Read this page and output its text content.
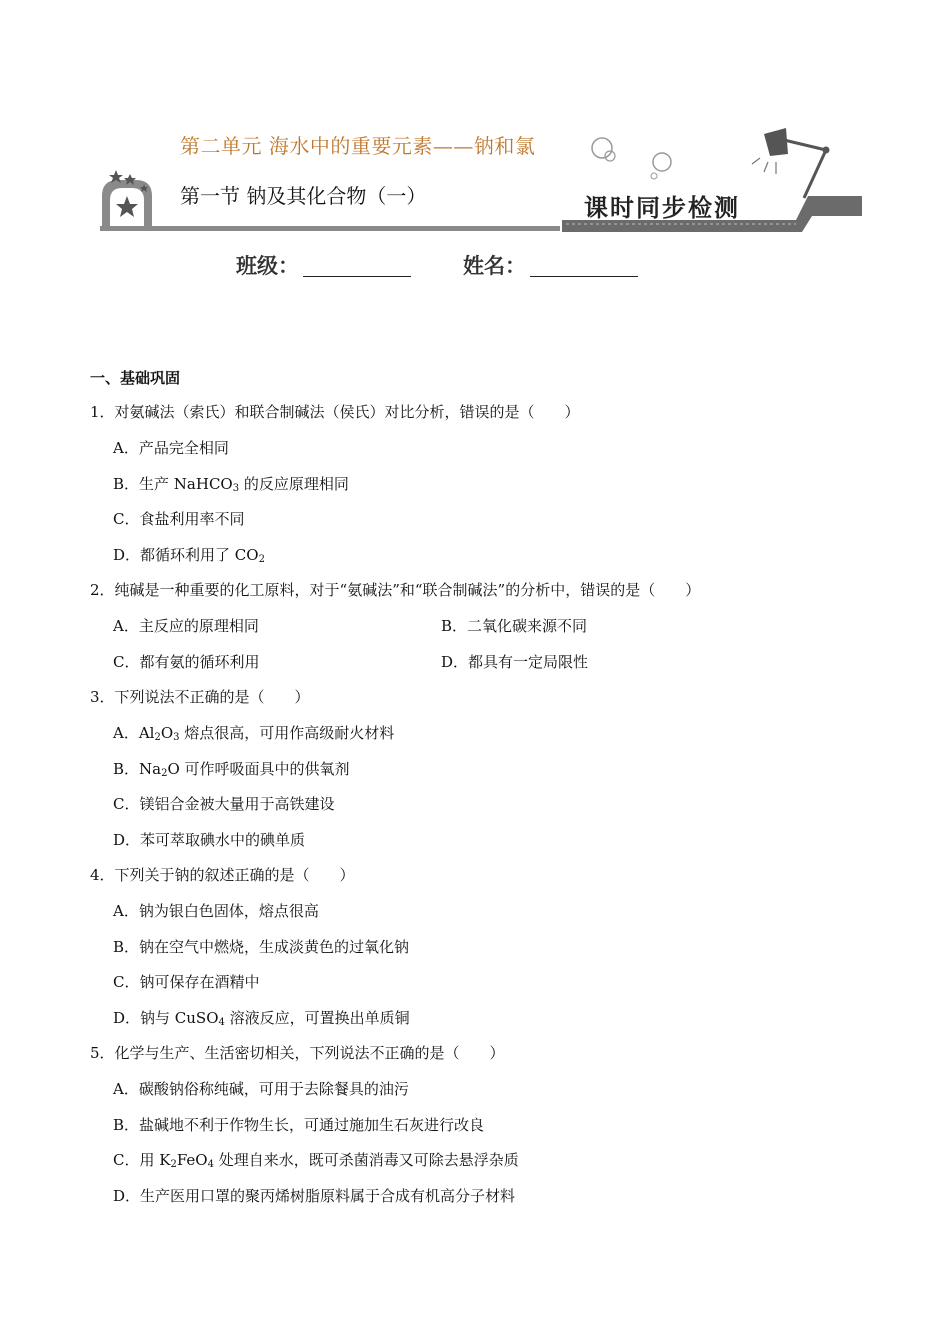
第二单元 海水中的重要元素——钠和氯
第一节 钠及其化合物（一）	课时同步检测
班级：	姓名：
一、基础巩固
1．对氨碱法（索氏）和联合制碱法（侯氏）对比分析，错误的是（　　）
A．产品完全相同
B．生产 NaHCO$_3$ 的反应原理相同
C．食盐利用率不同
D．都循环利用了 $CO_2$
2．纯碱是一种重要的化工原料，对于“氨碱法”和“联合制碱法”的分析中，错误的是（　　）
A．主反应的原理相同	B．二氧化碳来源不同
C．都有氨的循环利用	D．都具有一定局限性
3．下列说法不正确的是（　　）
A．$Al_2O_3$ 熔点很高，可用作高级耐火材料
B．$Na_2O$ 可作呼吸面具中的供氧剂
C．镁铝合金被大量用于高铁建设
D．苯可萃取碘水中的碘单质
4．下列关于钠的叙述正确的是（　　）
A．钠为银白色固体，熔点很高
B．钠在空气中燃烧，生成淡黄色的过氧化钠
C．钠可保存在酒精中
D．钠与 CuSO$_4$ 溶液反应，可置换出单质铜
5．化学与生产、生活密切相关，下列说法不正确的是（　　）
A．碳酸钠俗称纯碱，可用于去除餐具的油污
B．盐碱地不利于作物生长，可通过施加生石灰进行改良
C．用 $K_2FeO_4$ 处理自来水，既可杀菌消毒又可除去悬浮杂质
D．生产医用口罩的聚丙烯树脂原料属于合成有机高分子材料
